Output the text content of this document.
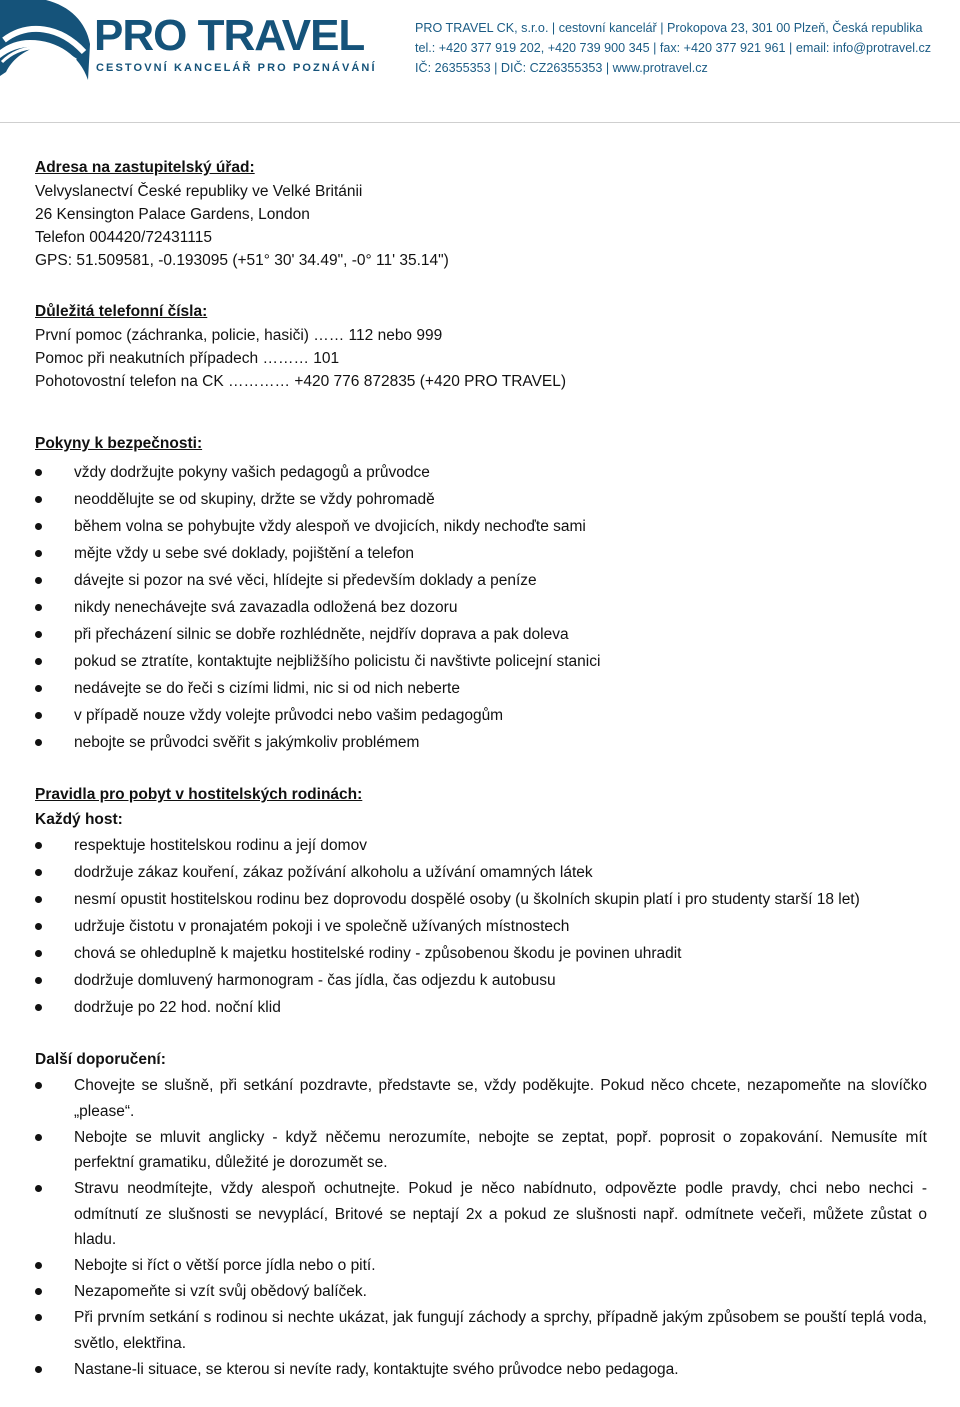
PRO TRAVEL
CESTOVNÍ KANCELÁŘ PRO POZNÁVÁNÍ
PRO TRAVEL CK, s.r.o. | cestovní kancelář | Prokopova 23, 301 00 Plzeň, Česká republika
tel.: +420 377 919 202, +420 739 900 345 | fax: +420 377 921 961 | email: info@protravel.cz
IČ: 26355353 | DIČ: CZ26355353 | www.protravel.cz

Adresa na zastupitelský úřad:

Velvyslanectví České republiky ve Velké Británii

26 Kensington Palace Gardens, London

Telefon 004420/72431115

GPS: 51.509581, -0.193095 (+51° 30' 34.49", -0° 11' 35.14")

Důležitá telefonní čísla:

První pomoc (záchranka, policie, hasiči) …… 112 nebo 999

Pomoc při neakutních případech ……… 101

Pohotovostní telefon na CK ………… +420 776 872835 (+420 PRO TRAVEL)

Pokyny k bezpečnosti:

vždy dodržujte pokyny vašich pedagogů a průvodce
neoddělujte se od skupiny, držte se vždy pohromadě
během volna se pohybujte vždy alespoň ve dvojicích, nikdy nechoďte sami
mějte vždy u sebe své doklady, pojištění a telefon
dávejte si pozor na své věci, hlídejte si především doklady a peníze
nikdy nenechávejte svá zavazadla odložená bez dozoru
při přecházení silnic se dobře rozhlédněte, nejdřív doprava a pak doleva
pokud se ztratíte, kontaktujte nejbližšího policistu či navštivte policejní stanici
nedávejte se do řeči s cizími lidmi, nic si od nich neberte
v případě nouze vždy volejte průvodci nebo vašim pedagogům
nebojte se průvodci svěřit s jakýmkoliv problémem

Pravidla pro pobyt v hostitelských rodinách:

Každý host:

respektuje hostitelskou rodinu a její domov
dodržuje zákaz kouření, zákaz požívání alkoholu a užívání omamných látek
nesmí opustit hostitelskou rodinu bez doprovodu dospělé osoby (u školních skupin platí i pro studenty starší 18 let)
udržuje čistotu v pronajatém pokoji i ve společně užívaných místnostech
chová se ohleduplně k majetku hostitelské rodiny - způsobenou škodu je povinen uhradit
dodržuje domluvený harmonogram - čas jídla, čas odjezdu k autobusu
dodržuje po 22 hod. noční klid

Další doporučení:

Chovejte se slušně, při setkání pozdravte, představte se, vždy poděkujte. Pokud něco chcete, nezapomeňte na slovíčko „please“.
Nebojte se mluvit anglicky - když něčemu nerozumíte, nebojte se zeptat, popř. poprosit o zopakování. Nemusíte mít perfektní gramatiku, důležité je dorozumět se.
Stravu neodmítejte, vždy alespoň ochutnejte. Pokud je něco nabídnuto, odpovězte podle pravdy, chci nebo nechci - odmítnutí ze slušnosti se nevyplácí, Britové se neptají 2x a pokud ze slušnosti např. odmítnete večeři, můžete zůstat o hladu.
Nebojte si říct o větší porce jídla nebo o pití.
Nezapomeňte si vzít svůj obědový balíček.
Při prvním setkání s rodinou si nechte ukázat, jak fungují záchody a sprchy, případně jakým způsobem se pouští teplá voda, světlo, elektřina.
Nastane-li situace, se kterou si nevíte rady, kontaktujte svého průvodce nebo pedagoga.
